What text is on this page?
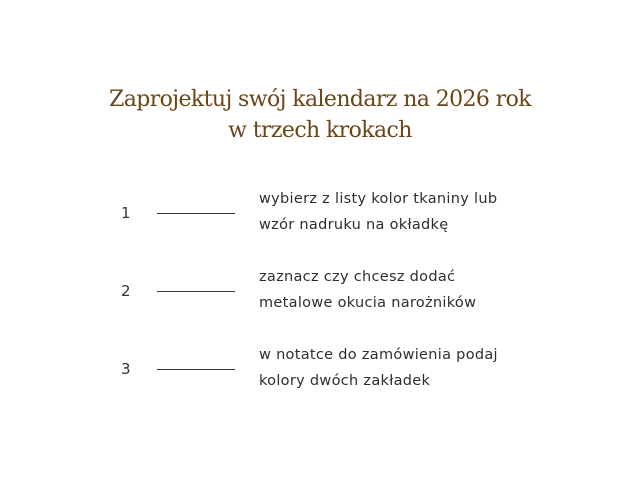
Zaprojektuj swój kalendarz na 2026 rok
w trzech krokach
1
wybierz z listy kolor tkaniny lub
wzór nadruku na okładkę
2
zaznacz czy chcesz dodać
metalowe okucia narożników
3
w notatce do zamówienia podaj
kolory dwóch zakładek
